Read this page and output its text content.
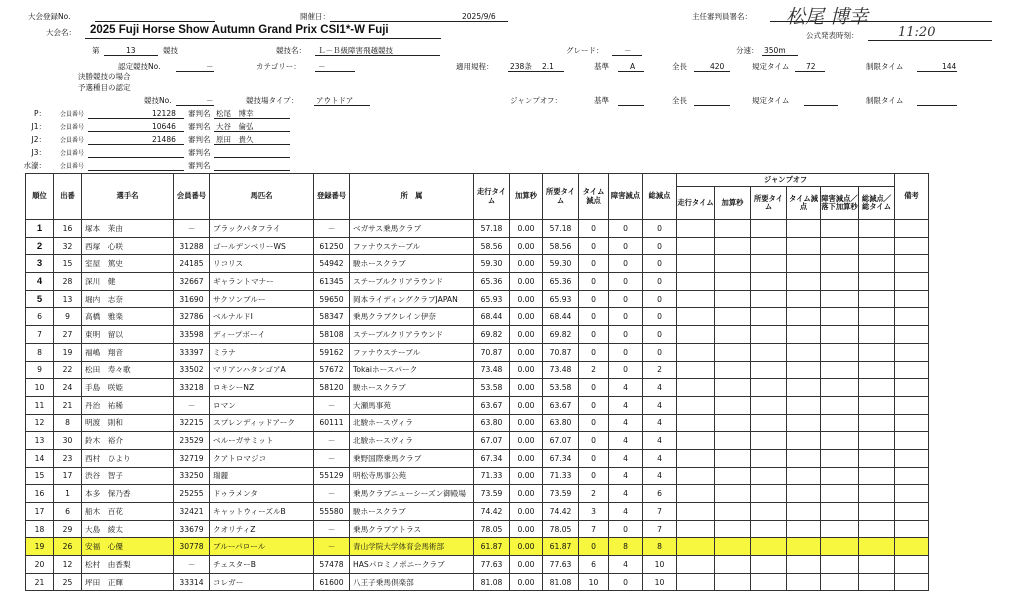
大会登録No.	開催日：	2025/9/6	主任審判員署名： 松尾 博幸
大会名： 2025 Fuji Horse Show Autumn Grand Prix CSI1*-W Fuji	公式発表時刻：	11:20
第	13	競技	競技名： Ｌ－Ｂ級障害飛越競技	グレード：	－	分速： 350m
認定競技No.	－	カテゴリー： －	適用規程： 238条 2.1	基準	A	全長	420	規定タイム 72	制限タイム	144
決勝競技の場合
予選種目の認定
競技No.	－	競技場タイプ： アウトドア	ジャンプオフ：	基準	全長	規定タイム	制限タイム
P： 会員番号	12128 審判名 松尾　博幸
J1： 会員番号	10646 審判名 大谷　倫弘
J2： 会員番号	21486 審判名 原田　貴久
J3： 会員番号	審判名
水濠： 会員番号	審判名
順位	出番	選手名	会員番号	馬匹名	登録番号	所　属	走行タイム	加算秒	所要タイム	タイム減点	障害減点	総減点	ジャンプオフ						備考
													走行タイム	加算秒	所要タイム	タイム減点	障害減点／落下加算秒	総減点／総タイム	
1	16	塚本　茉由	－	ブラックパタフライ	－	ベガサス乗馬クラブ	57.18	0.00	57.18	0	0	0							
2	32	西塚　心咲	31288	ゴールデンベリーWS	61250	ファナウステーブル	58.56	0.00	58.56	0	0	0							
3	15	室屋　篤史	24185	リコリス	54942	駿ホースクラブ	59.30	0.00	59.30	0	0	0							
4	28	深川　健	32667	ギャラントマナー	61345	ステーブルクリアラウンド	65.36	0.00	65.36	0	0	0							
5	13	堀内　志奈	31690	サクソンブルー	59650	岡本ライディングクラブJAPAN	65.93	0.00	65.93	0	0	0							
6	9	高橋　雅楽	32786	ベルナルドI	58347	乗馬クラブクレイン伊奈	68.44	0.00	68.44	0	0	0							
7	27	東明　留以	33598	ディープボーイ	58108	ステーブルクリアラウンド	69.82	0.00	69.82	0	0	0							
8	19	福嶋　翔音	33397	ミラナ	59162	ファナウステーブル	70.87	0.00	70.87	0	0	0							
9	22	松田　寿々歌	33502	マリアンハタンゴアA	57672	Tokaiホースパーク	73.48	0.00	73.48	2	0	2							
10	24	手島　咲姫	33218	ロキシーNZ	58120	駿ホースクラブ	53.58	0.00	53.58	0	4	4							
11	21	丹治　祐稀	－	ロマン	－	大瀬馬事苑	63.67	0.00	63.67	0	4	4							
12	8	明渡　則和	32215	スプレンディッドアーク	60111	北駿ホースヴィラ	63.80	0.00	63.80	0	4	4							
13	30	鈴木　裕介	23529	ベルーガサミット	－	北駿ホースヴィラ	67.07	0.00	67.07	0	4	4							
14	23	西村　ひより	32719	クアトロマジコ	－	乗野国際乗馬クラブ	67.34	0.00	67.34	0	4	4							
15	17	渋谷　智子	33250	瑞麗	55129	明松寺馬事公苑	71.33	0.00	71.33	0	4	4							
16	1	本多　保乃香	25255	ドゥラメンタ	－	乗馬クラブニューシーズン御殿場	73.59	0.00	73.59	2	4	6							
17	6	船木　百花	32421	キャットウィーズルB	55580	駿ホースクラブ	74.42	0.00	74.42	3	4	7							
18	29	大島　綾太	33679	クオリティZ	－	乗馬クラブアトラス	78.05	0.00	78.05	7	0	7							
19	26	安福　心優	30778	ブルーパロール	－	青山学院大学体育会馬術部	61.87	0.00	61.87	0	8	8							
20	12	松村　由香梨	－	チェスターB	57478	HASパロミノポニークラブ	77.63	0.00	77.63	6	4	10							
21	25	坪田　正輝	33314	コレガー	61600	八王子乗馬倶楽部	81.08	0.00	81.08	10	0	10							
